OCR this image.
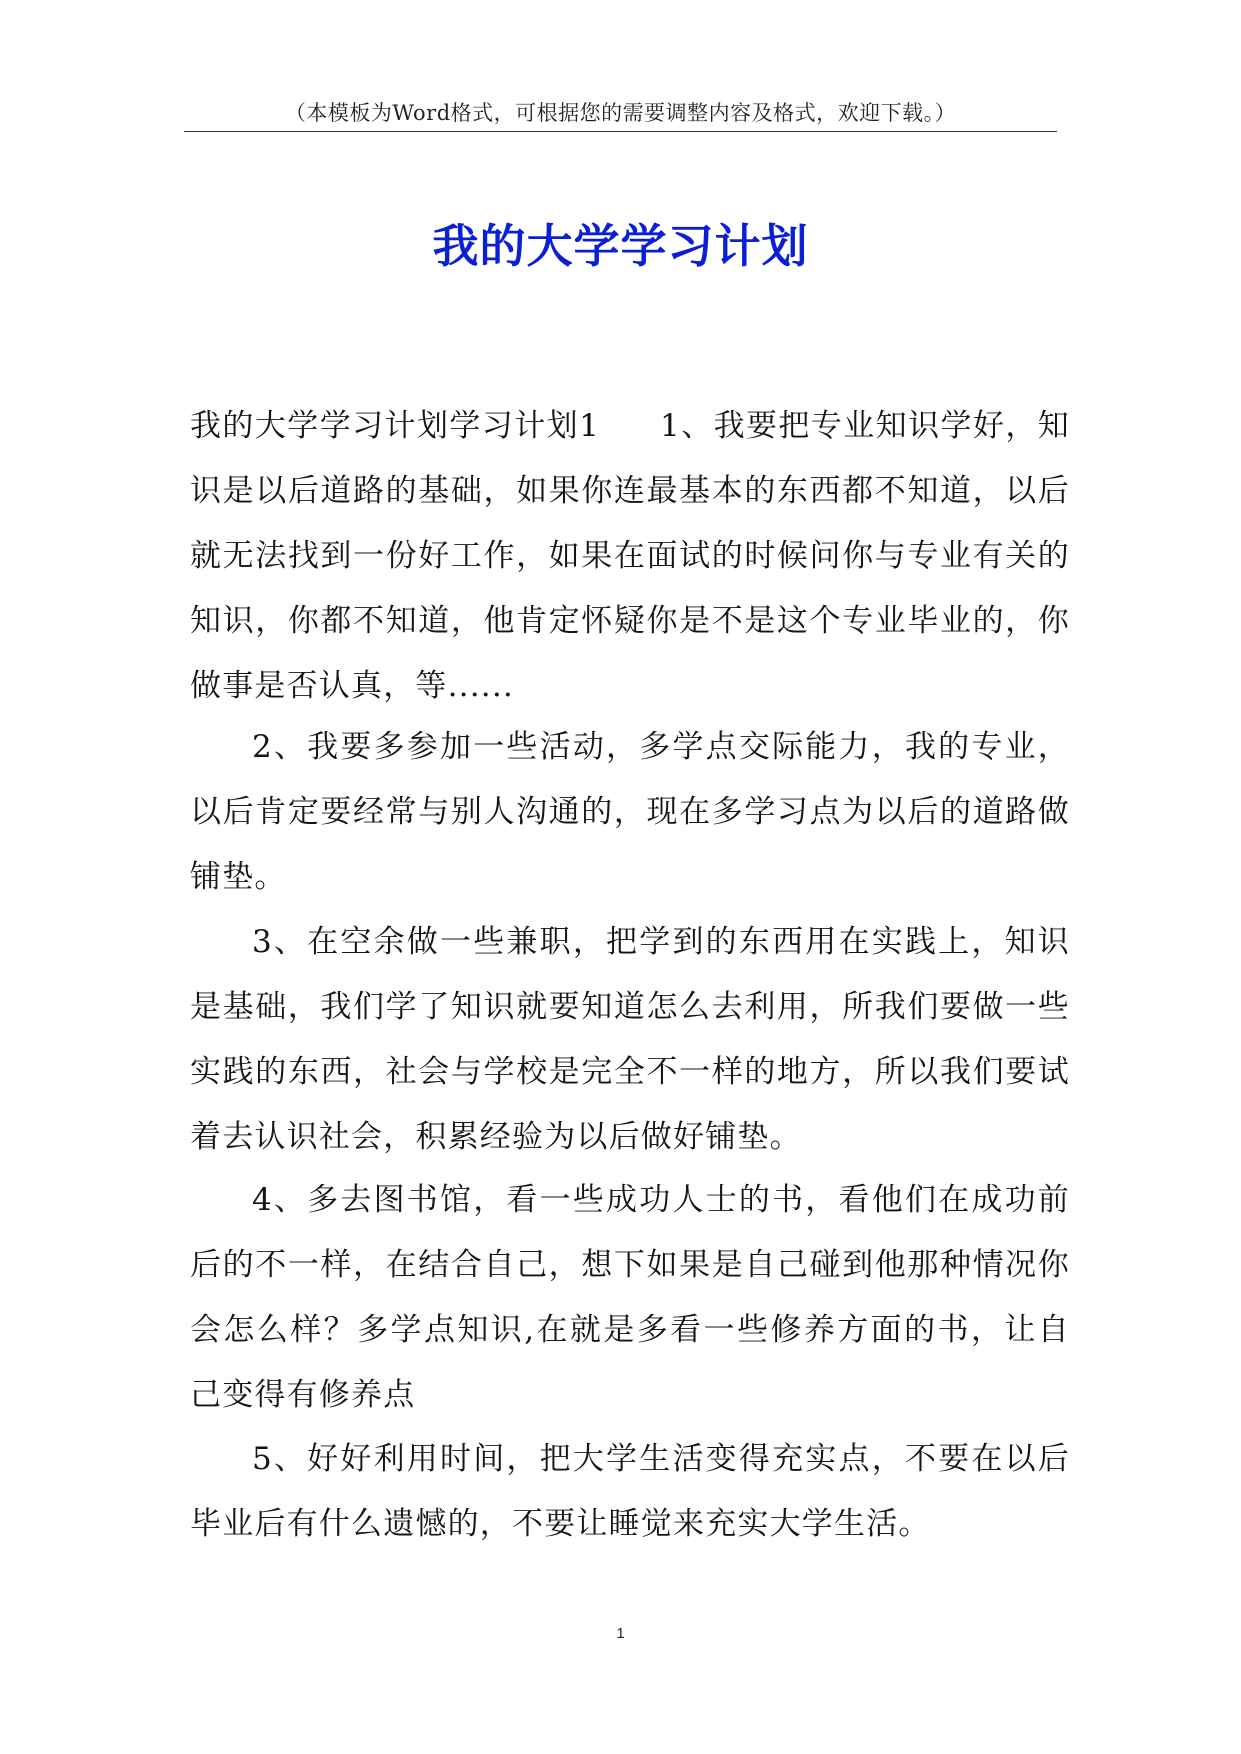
（本模板为Word格式，可根据您的需要调整内容及格式，欢迎下载。）
我的大学学习计划

我的大学学习计划学习计划1 1、我要把专业知识学好，知识是以后道路的基础，如果你连最基本的东西都不知道，以后就无法找到一份好工作，如果在面试的时候问你与专业有关的知识，你都不知道，他肯定怀疑你是不是这个专业毕业的，你做事是否认真，等......

2、我要多参加一些活动，多学点交际能力，我的专业，以后肯定要经常与别人沟通的，现在多学习点为以后的道路做铺垫。

3、在空余做一些兼职，把学到的东西用在实践上，知识是基础，我们学了知识就要知道怎么去利用，所我们要做一些实践的东西，社会与学校是完全不一样的地方，所以我们要试着去认识社会，积累经验为以后做好铺垫。

4、多去图书馆，看一些成功人士的书，看他们在成功前后的不一样，在结合自己，想下如果是自己碰到他那种情况你会怎么样？多学点知识,在就是多看一些修养方面的书，让自己变得有修养点

5、好好利用时间，把大学生活变得充实点，不要在以后毕业后有什么遗憾的，不要让睡觉来充实大学生活。

1
